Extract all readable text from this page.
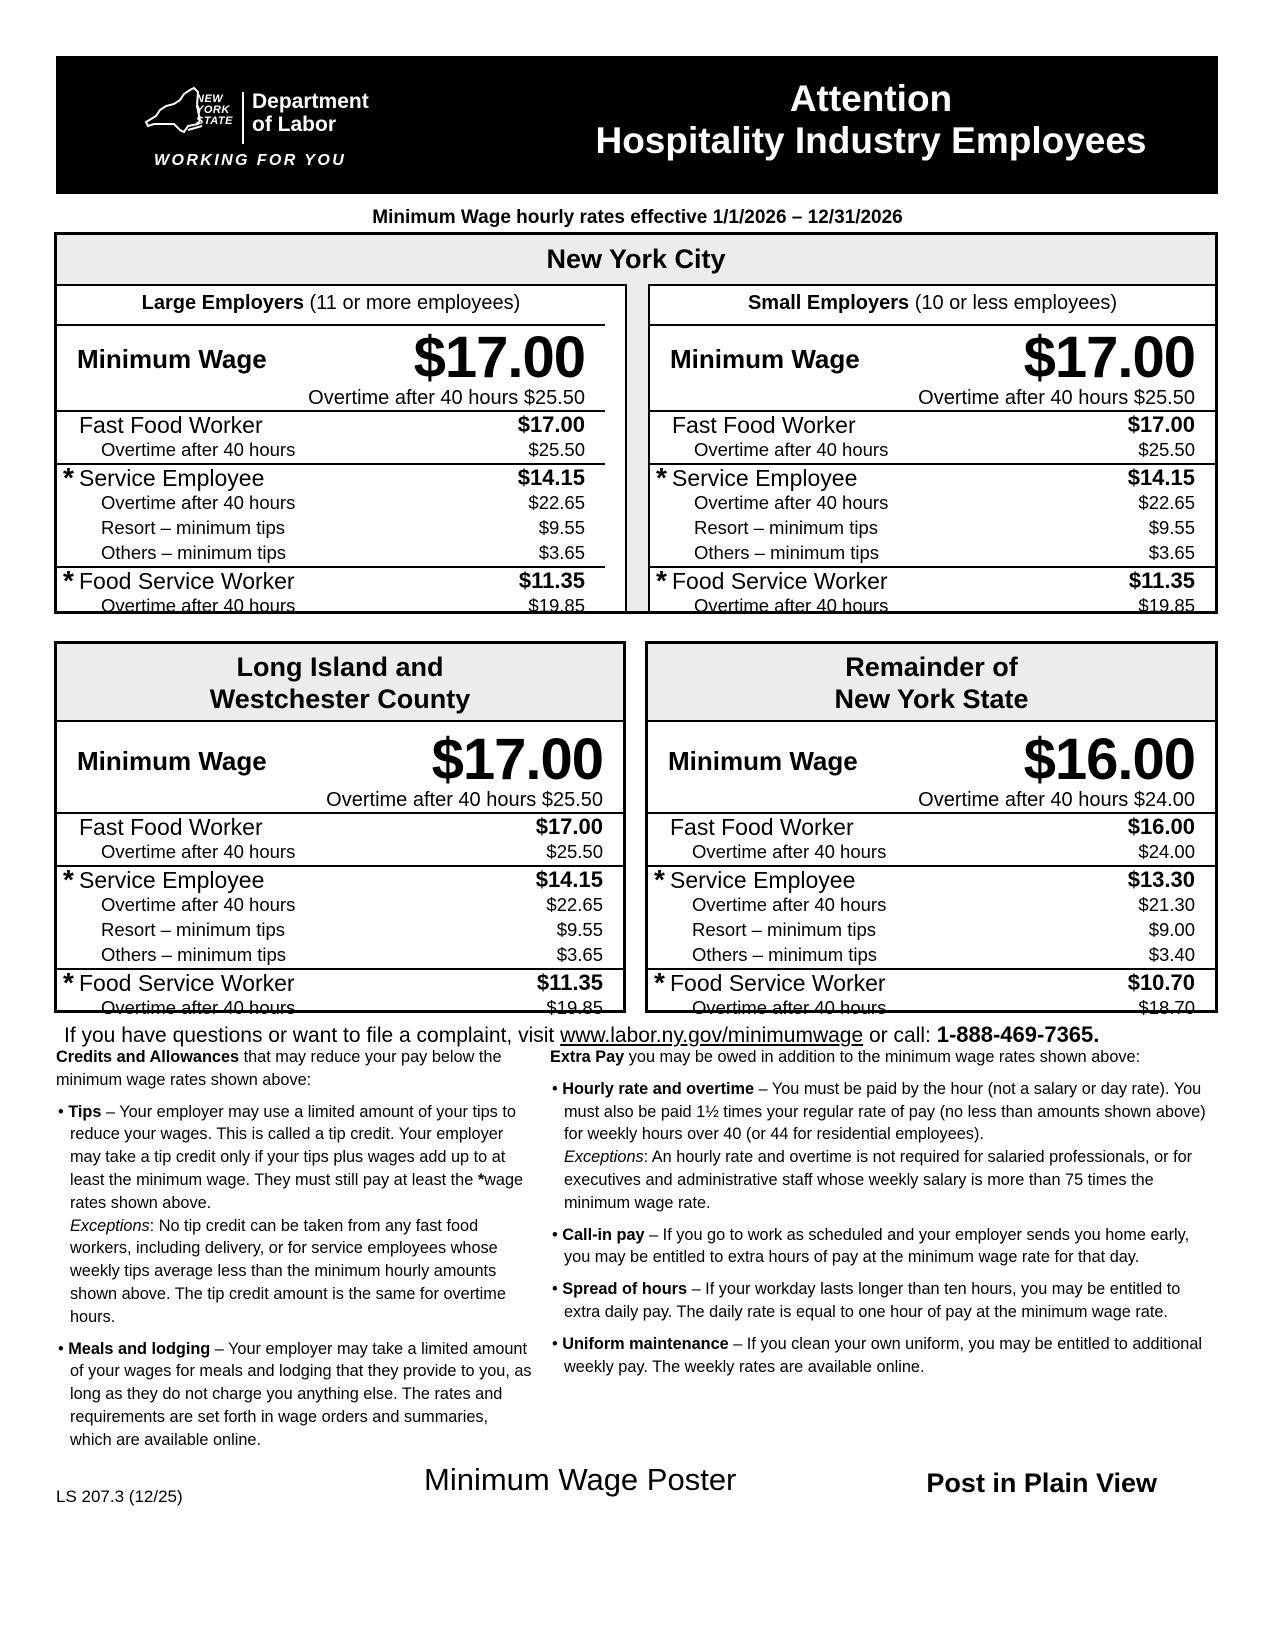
NEW YORK STATE
Department
of Labor
WORKING FOR YOU
Attention
Hospitality Industry Employees
Minimum Wage hourly rates effective 1/1/2026 – 12/31/2026
New York City
Large Employers (11 or more employees)
Minimum Wage	$17.00
Overtime after 40 hours $25.50
Fast Food Worker	$17.00
Overtime after 40 hours	$25.50
* Service Employee	$14.15
Overtime after 40 hours	$22.65
Resort – minimum tips	$9.55
Others – minimum tips	$3.65
* Food Service Worker	$11.35
Overtime after 40 hours	$19.85
Small Employers (10 or less employees)
Minimum Wage	$17.00
Overtime after 40 hours $25.50
Fast Food Worker	$17.00
Overtime after 40 hours	$25.50
* Service Employee	$14.15
Overtime after 40 hours	$22.65
Resort – minimum tips	$9.55
Others – minimum tips	$3.65
* Food Service Worker	$11.35
Overtime after 40 hours	$19.85
Long Island and
Westchester County
Minimum Wage	$17.00
Overtime after 40 hours $25.50
Fast Food Worker	$17.00
Overtime after 40 hours	$25.50
* Service Employee	$14.15
Overtime after 40 hours	$22.65
Resort – minimum tips	$9.55
Others – minimum tips	$3.65
* Food Service Worker	$11.35
Overtime after 40 hours	$19.85
Remainder of
New York State
Minimum Wage	$16.00
Overtime after 40 hours $24.00
Fast Food Worker	$16.00
Overtime after 40 hours	$24.00
* Service Employee	$13.30
Overtime after 40 hours	$21.30
Resort – minimum tips	$9.00
Others – minimum tips	$3.40
* Food Service Worker	$10.70
Overtime after 40 hours	$18.70
If you have questions or want to file a complaint, visit www.labor.ny.gov/minimumwage or call: 1-888-469-7365.

Credits and Allowances that may reduce your pay below the minimum wage rates shown above:

• Tips – Your employer may use a limited amount of your tips to reduce your wages. This is called a tip credit. Your employer may take a tip credit only if your tips plus wages add up to at least the minimum wage. They must still pay at least the *wage rates shown above.
Exceptions: No tip credit can be taken from any fast food workers, including delivery, or for service employees whose weekly tips average less than the minimum hourly amounts shown above. The tip credit amount is the same for overtime hours.

• Meals and lodging – Your employer may take a limited amount of your wages for meals and lodging that they provide to you, as long as they do not charge you anything else. The rates and requirements are set forth in wage orders and summaries, which are available online.

Extra Pay you may be owed in addition to the minimum wage rates shown above:

• Hourly rate and overtime – You must be paid by the hour (not a salary or day rate). You must also be paid 1½ times your regular rate of pay (no less than amounts shown above) for weekly hours over 40 (or 44 for residential employees).
Exceptions: An hourly rate and overtime is not required for salaried professionals, or for executives and administrative staff whose weekly salary is more than 75 times the minimum wage rate.

• Call-in pay – If you go to work as scheduled and your employer sends you home early, you may be entitled to extra hours of pay at the minimum wage rate for that day.

• Spread of hours – If your workday lasts longer than ten hours, you may be entitled to extra daily pay. The daily rate is equal to one hour of pay at the minimum wage rate.

• Uniform maintenance – If you clean your own uniform, you may be entitled to additional weekly pay. The weekly rates are available online.

LS 207.3 (12/25)	Minimum Wage Poster	Post in Plain View
